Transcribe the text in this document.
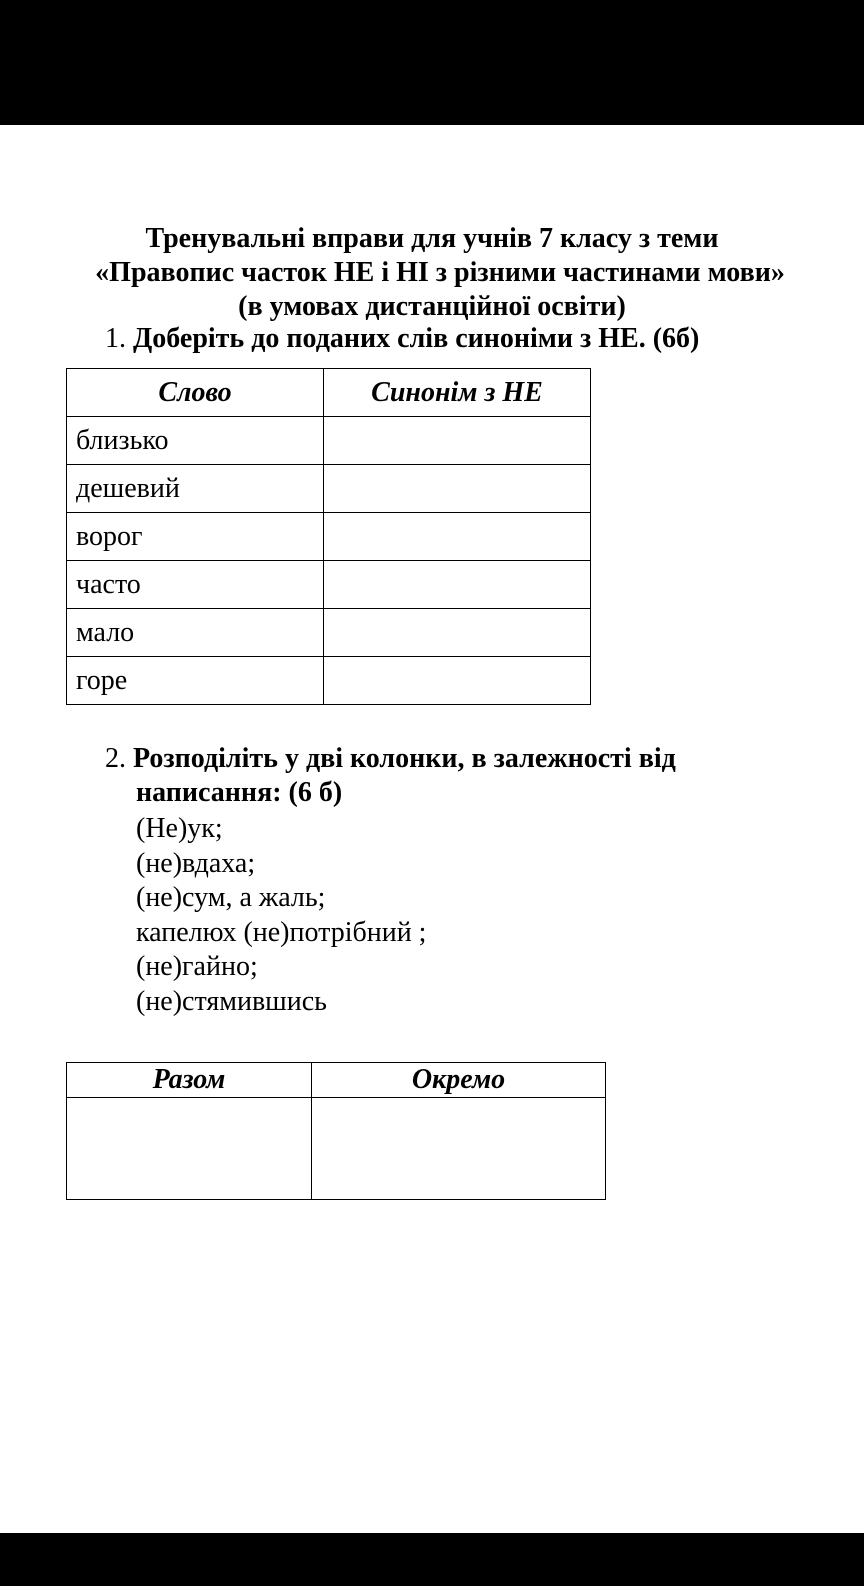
Тренувальні вправи для учнів 7 класу з теми
«Правопис часток НЕ і НІ з різними частинами мови»
(в умовах дистанційної освіти)
1. Доберіть до поданих слів синоніми з НЕ. (6б)
Слово	Синонім з НЕ
близько	
дешевий	
ворог	
часто	
мало	
горе	
2. Розподіліть у дві колонки, в залежності від
написання: (6 б)
(Не)ук;
(не)вдаха;
(не)сум, а жаль;
капелюх (не)потрібний ;
(не)гайно;
(не)стямившись
Разом	Окремо
